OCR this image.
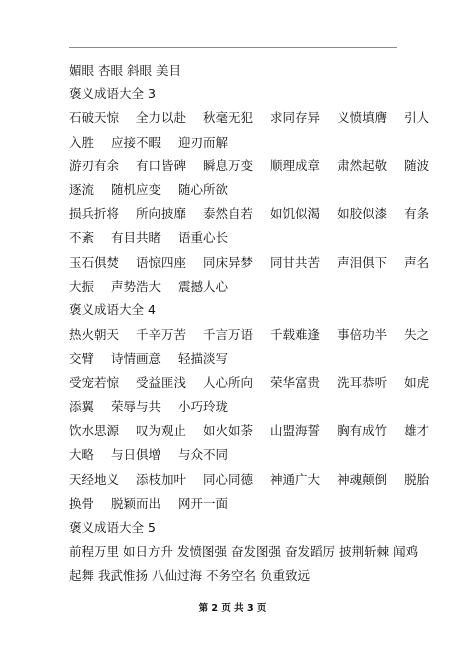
媚眼 杏眼 斜眼 美目
褒义成语大全 3
石破天惊 全力以赴 秋毫无犯 求同存异 义愤填膺 引人
入胜 应接不暇 迎刃而解
游刃有余 有口皆碑 瞬息万变 顺理成章 肃然起敬 随波
逐流 随机应变 随心所欲
损兵折将 所向披靡 泰然自若 如饥似渴 如胶似漆 有条
不紊 有目共睹 语重心长
玉石俱焚 语惊四座 同床异梦 同甘共苦 声泪俱下 声名
大振 声势浩大 震撼人心
褒义成语大全 4
热火朝天 千辛万苦 千言万语 千载难逢 事倍功半 失之
交臂 诗情画意 轻描淡写
受宠若惊 受益匪浅 人心所向 荣华富贵 洗耳恭听 如虎
添翼 荣辱与共 小巧玲珑
饮水思源 叹为观止 如火如荼 山盟海誓 胸有成竹 雄才
大略 与日俱增 与众不同
天经地义 添枝加叶 同心同德 神通广大 神魂颠倒 脱胎
换骨 脱颖而出 网开一面
褒义成语大全 5
前程万里 如日方升 发愤图强 奋发图强 奋发蹈厉 披荆斩棘 闻鸡
起舞 我武惟扬 八仙过海 不务空名 负重致远
第 2 页 共 3 页
